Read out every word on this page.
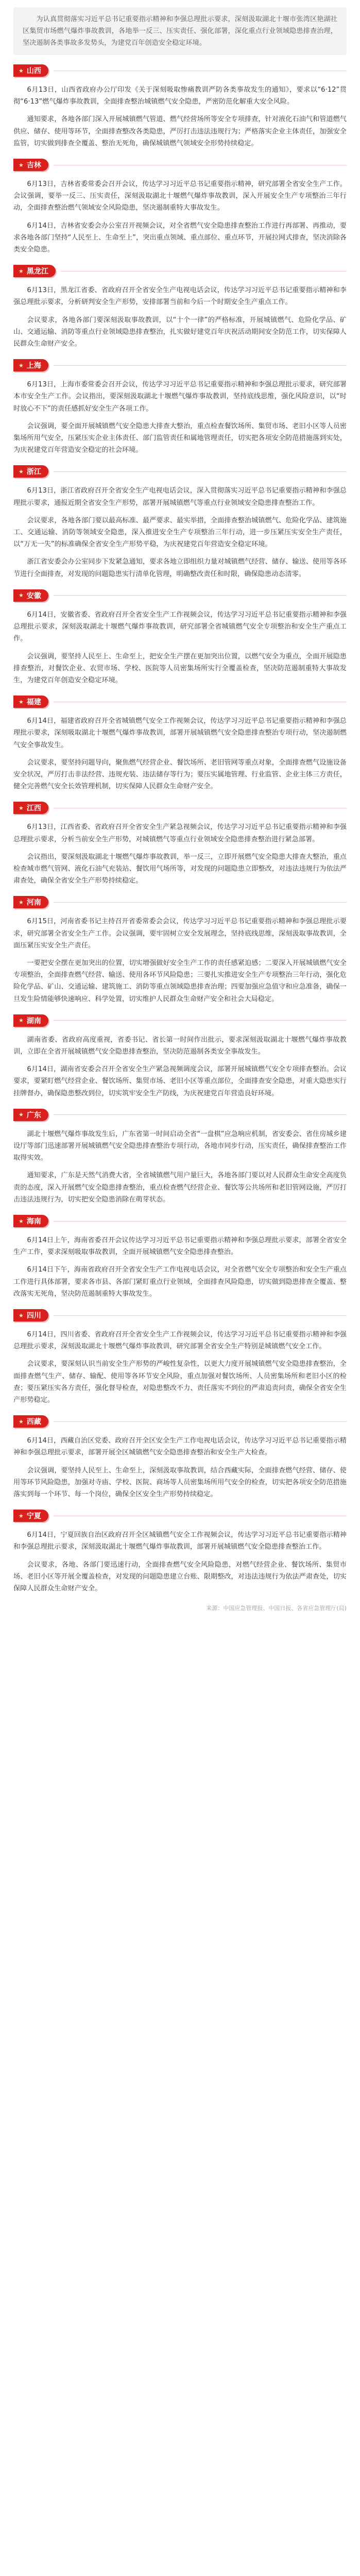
为认真贯彻落实习近平总书记重要指示精神和李强总理批示要求，深刻汲取湖北十堰市张湾区艳湖社区集贸市场燃气爆炸事故教训，各地举一反三、压实责任、强化部署，深化重点行业领域隐患排查治理，坚决遏制各类事故多发势头，为建党百年创造安全稳定环境。
★ 山西

6月13日，山西省政府办公厅印发《关于深刻吸取惨痛教训严防各类事故发生的通知》，要求以“6·12”贯彻“6·13”燃气爆炸事故教训，全面排查整治城镇燃气安全隐患，严密防范化解重大安全风险。

通知要求，各地各部门深入开展城镇燃气管道、燃气经营场所等安全专项排查，针对液化石油气和管道燃气供应、储存、使用等环节，全面排查整改各类隐患，严厉打击违法违规行为；严格落实企业主体责任，加强安全监管，切实做到排查全覆盖、整治无死角，确保城镇燃气领域安全形势持续稳定。

★ 吉林

6月13日，吉林省委常委会召开会议，传达学习习近平总书记重要指示精神，研究部署全省安全生产工作。会议强调，要举一反三、压实责任，深刻汲取湖北十堰燃气爆炸事故教训，深入开展安全生产专项整治三年行动，全面排查整治燃气领域安全风险隐患，坚决遏制重特大事故发生。

6月14日，吉林省安委会办公室召开视频会议，对全省燃气安全隐患排查整治工作进行再部署、再推动，要求各地各部门坚持“人民至上、生命至上”，突出重点领域、重点部位、重点环节，开展拉网式排查，坚决消除各类安全隐患。

★ 黑龙江

6月13日，黑龙江省委、省政府召开全省安全生产电视电话会议，传达学习习近平总书记重要指示精神和李强总理批示要求，分析研判安全生产形势，安排部署当前和今后一个时期安全生产重点工作。

会议要求，各地各部门要深刻汲取事故教训，以“十个一律”的严格标准，开展城镇燃气、危险化学品、矿山、交通运输、消防等重点行业领域隐患排查整治，扎实做好建党百年庆祝活动期间安全防范工作，切实保障人民群众生命财产安全。

★ 上海

6月13日，上海市委常委会召开会议，传达学习习近平总书记重要指示精神和李强总理批示要求，研究部署本市安全生产工作。会议指出，要深刻汲取湖北十堰燃气爆炸事故教训，坚持底线思维，强化风险意识，以“时时放心不下”的责任感抓好安全生产各项工作。

会议强调，要全面开展城镇燃气安全隐患大排查大整治，重点检查餐饮场所、集贸市场、老旧小区等人员密集场所用气安全，压紧压实企业主体责任、部门监管责任和属地管理责任，切实把各项安全防范措施落到实处，为庆祝建党百年营造安全稳定的社会环境。

★ 浙江

6月13日，浙江省政府召开全省安全生产电视电话会议，深入贯彻落实习近平总书记重要指示精神和李强总理批示要求，通报近期全省安全生产形势，部署开展城镇燃气等重点行业领域安全隐患排查整治工作。

会议要求，各地各部门要以最高标准、最严要求、最实举措，全面排查整治城镇燃气、危险化学品、建筑施工、交通运输、消防等领域安全隐患，深入推进安全生产专项整治三年行动，进一步压紧压实安全生产责任，以“万无一失”的标准确保全省安全生产形势平稳，为庆祝建党百年营造安全稳定环境。

浙江省安委会办公室同步下发紧急通知，要求各地立即组织力量对城镇燃气经营、储存、输送、使用等各环节进行全面排查，对发现的问题隐患实行清单化管理，明确整改责任和时限，确保隐患动态清零。

★ 安徽

6月14日，安徽省委、省政府召开全省安全生产工作视频会议，传达学习习近平总书记重要指示精神和李强总理批示要求，深刻汲取湖北十堰燃气爆炸事故教训，研究部署全省城镇燃气安全专项整治和安全生产重点工作。

会议强调，要坚持人民至上、生命至上，把安全生产摆在更加突出位置，以燃气安全为重点，全面开展隐患排查整治，对餐饮企业、农贸市场、学校、医院等人员密集场所实行全覆盖检查，坚决防范遏制重特大事故发生，为建党百年创造安全稳定环境。

★ 福建

6月14日，福建省政府召开全省城镇燃气安全工作视频会议，传达学习习近平总书记重要指示精神和李强总理批示要求，深刻吸取湖北十堰燃气爆炸事故教训，部署开展城镇燃气安全隐患排查整治专项行动，坚决遏制燃气安全事故发生。

会议要求，要坚持问题导向，聚焦燃气经营企业、餐饮场所、老旧管网等重点对象，全面排查燃气设施设备安全状况，严厉打击非法经营、违规充装、违法储存等行为；要压实属地管理、行业监管、企业主体三方责任，健全完善燃气安全长效管理机制，切实保障人民群众生命财产安全。

★ 江西

6月13日，江西省委、省政府召开全省安全生产紧急视频会议，传达学习习近平总书记重要指示精神和李强总理批示要求，分析当前安全生产形势，对城镇燃气等重点行业领域安全隐患排查整治进行紧急部署。

会议指出，要深刻汲取湖北十堰燃气爆炸事故教训，举一反三，立即开展燃气安全隐患大排查大整治，重点检查城市燃气管网、液化石油气充装站、餐饮用气场所等，对发现的问题隐患立即整改，对违法违规行为依法严肃查处，确保全省安全生产形势持续稳定。

★ 河南

6月15日，河南省委书记主持召开省委常委会会议，传达学习习近平总书记重要指示精神和李强总理批示要求，研究部署全省安全生产工作。会议强调，要牢固树立安全发展理念，坚持底线思维，深刻汲取事故教训，全面压紧压实安全生产责任。

一要把安全摆在更加突出的位置，切实增强做好安全生产工作的责任感紧迫感；二要深入开展城镇燃气安全专项整治，全面排查燃气经营、输送、使用各环节风险隐患；三要扎实推进安全生产专项整治三年行动，强化危险化学品、矿山、交通运输、建筑施工、消防等重点领域隐患排查治理；四要加强应急值守和应急准备，确保一旦发生险情能够快速响应、科学处置，切实维护人民群众生命财产安全和社会大局稳定。

★ 湖南

湖南省委、省政府高度重视，省委书记、省长第一时间作出批示，要求深刻汲取湖北十堰燃气爆炸事故教训，立即在全省开展城镇燃气安全隐患排查整治，坚决防范遏制各类安全事故发生。

6月14日，湖南省安委会召开全省安全生产紧急视频调度会议，部署开展城镇燃气安全专项排查整治。会议要求，要紧盯燃气经营企业、餐饮场所、集贸市场、老旧小区等重点部位，全面排查安全隐患，对重大隐患实行挂牌督办，确保隐患整改到位，切实筑牢安全生产防线，为庆祝建党百年营造良好环境。

★ 广东

湖北十堰燃气爆炸事故发生后，广东省第一时间启动全省“一盘棋”应急响应机制，省安委会、省住房城乡建设厅等部门迅速部署开展城镇燃气安全隐患排查整治专项行动，各地市同步行动，压实责任，确保排查整治工作取得实效。

通知要求，广东是天然气消费大省，全省城镇燃气用户量巨大，各地各部门要以对人民群众生命安全高度负责的态度，深入开展燃气安全隐患排查整治，重点检查燃气经营企业、餐饮等公共场所和老旧管网设施，严厉打击违法违规行为，切实把安全隐患消除在萌芽状态。

★ 海南

6月14日上午，海南省委召开会议传达学习习近平总书记重要指示精神和李强总理批示要求，部署全省安全生产工作，要求深刻吸取事故教训，全面开展城镇燃气安全隐患排查整治。

6月14日下午，海南省政府召开全省安全生产工作电视电话会议，对全省燃气安全专项整治和安全生产重点工作进行具体部署，要求各市县、各部门紧盯重点行业领域，全面排查风险隐患，切实做到隐患排查全覆盖、整改落实无死角，坚决防范遏制重特大事故发生。

★ 四川

6月14日，四川省委、省政府召开全省安全生产工作视频会议，传达学习习近平总书记重要指示精神和李强总理批示要求，深刻汲取湖北十堰燃气爆炸事故教训，研究部署全省安全生产特别是城镇燃气安全工作。

会议要求，要深刻认识当前安全生产形势的严峻性复杂性，以更大力度开展城镇燃气安全隐患排查整治，全面排查燃气生产、储存、输配、使用等各环节安全风险，重点加强对餐饮场所、人员密集场所和老旧小区的检查；要压紧压实各方责任，强化督导检查，对隐患整改不力、责任落实不到位的严肃追责问责，确保全省安全生产形势稳定。

★ 西藏

6月14日，西藏自治区党委、政府召开全区安全生产工作电视电话会议，传达学习习近平总书记重要指示精神和李强总理批示要求，部署开展全区城镇燃气安全隐患排查整治和安全生产大检查。

会议强调，要坚持人民至上、生命至上，深刻汲取事故教训，结合西藏实际，全面排查燃气经营、储存、使用等环节风险隐患，加强对寺庙、学校、医院、商场等人员密集场所用气安全的检查，切实把各项安全防范措施落实到每一个环节、每一个岗位，确保全区安全生产形势持续稳定。

★ 宁夏

6月14日，宁夏回族自治区政府召开全区城镇燃气安全工作视频会议，传达学习习近平总书记重要指示精神和李强总理批示要求，深刻汲取湖北十堰燃气爆炸事故教训，部署开展城镇燃气安全隐患排查整治工作。

会议要求，各地、各部门要迅速行动，全面排查燃气安全风险隐患，对燃气经营企业、餐饮场所、集贸市场、老旧小区等开展全覆盖检查，对发现的问题隐患建立台账、限期整改，对违法违规行为依法严肃查处，切实保障人民群众生命财产安全。

来源：中国应急管理报、中国日报、各省应急管理厅(局)
